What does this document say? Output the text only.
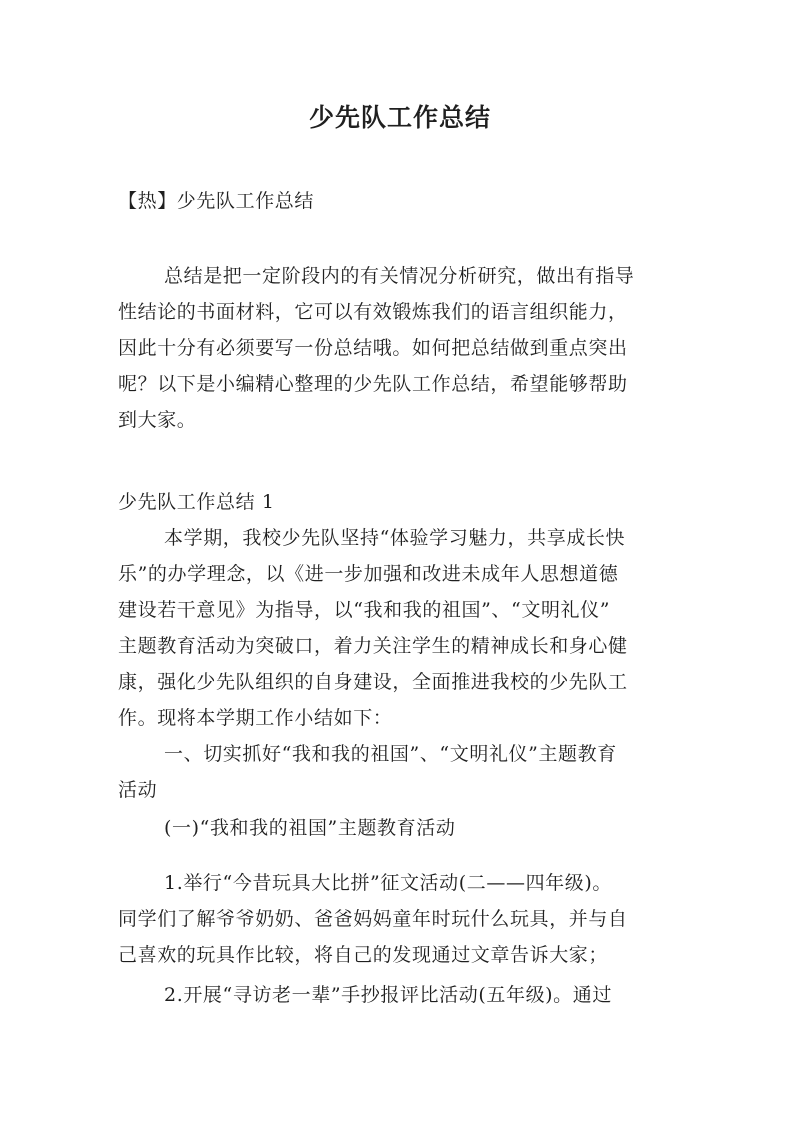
少先队工作总结

【热】少先队工作总结

总结是把一定阶段内的有关情况分析研究，做出有指导

性结论的书面材料，它可以有效锻炼我们的语言组织能力，

因此十分有必须要写一份总结哦。如何把总结做到重点突出

呢？以下是小编精心整理的少先队工作总结，希望能够帮助

到大家。

少先队工作总结 1

本学期，我校少先队坚持“体验学习魅力，共享成长快

乐”的办学理念，以《进一步加强和改进未成年人思想道德

建设若干意见》为指导，以“我和我的祖国”、“文明礼仪”

主题教育活动为突破口，着力关注学生的精神成长和身心健

康，强化少先队组织的自身建设，全面推进我校的少先队工

作。现将本学期工作小结如下：

一、切实抓好“我和我的祖国”、“文明礼仪”主题教育

活动

(一)“我和我的祖国”主题教育活动

1.举行“今昔玩具大比拼”征文活动(二——四年级)。

同学们了解爷爷奶奶、爸爸妈妈童年时玩什么玩具，并与自

己喜欢的玩具作比较，将自己的发现通过文章告诉大家；

2.开展“寻访老一辈”手抄报评比活动(五年级)。通过
